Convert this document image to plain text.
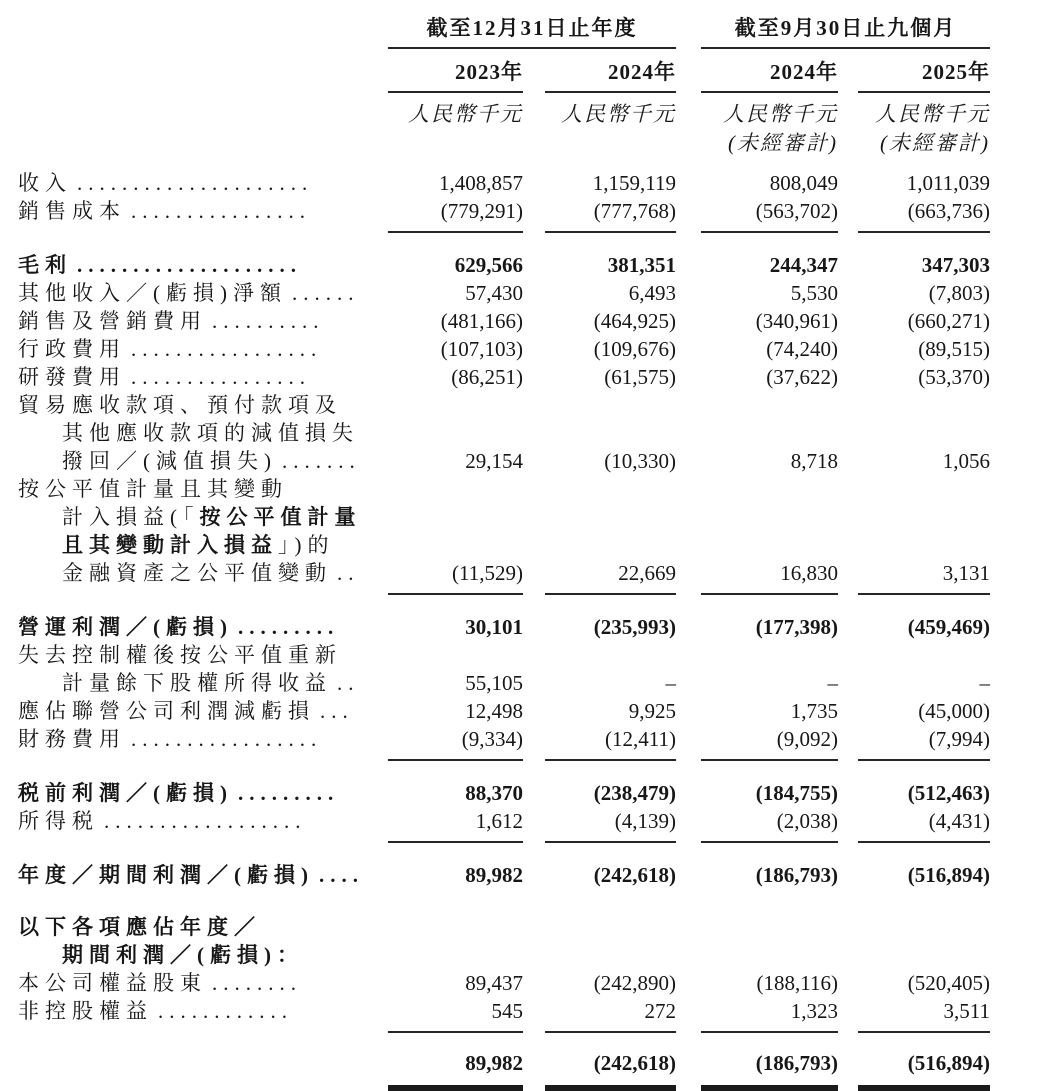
	截至12月31日止年度			截至9月30日止九個月	

	2023年	2024年		2024年	2025年
	人民幣千元	人民幣千元		人民幣千元	人民幣千元
				(未經審計)	(未經審計)

收入 .....................	1,408,857	1,159,119		808,049	1,011,039

銷售成本 ................	(779,291)	(777,768)		(563,702)	(663,736)

毛利 ....................	629,566	381,351		244,347	347,303

其他收入／(虧損)淨額 ......	57,430	6,493		5,530	(7,803)

銷售及營銷費用 ..........	(481,166)	(464,925)		(340,961)	(660,271)

行政費用 .................	(107,103)	(109,676)		(74,240)	(89,515)

研發費用 ................	(86,251)	(61,575)		(37,622)	(53,370)

貿易應收款項、預付款項及
其他應收款項的減值損失
撥回／(減值損失) .......	29,154	(10,330)		8,718	1,056

按公平值計量且其變動
計入損益(「按公平值計量
且其變動計入損益」)的
金融資產之公平值變動 ..	(11,529)	22,669		16,830	3,131

營運利潤／(虧損) .........	30,101	(235,993)		(177,398)	(459,469)

失去控制權後按公平值重新
計量餘下股權所得收益 ..	55,105	–		–	–

應佔聯營公司利潤減虧損 ...	12,498	9,925		1,735	(45,000)

財務費用 .................	(9,334)	(12,411)		(9,092)	(7,994)

税前利潤／(虧損) .........	88,370	(238,479)		(184,755)	(512,463)

所得税 ..................	1,612	(4,139)		(2,038)	(4,431)

年度／期間利潤／(虧損) ....	89,982	(242,618)		(186,793)	(516,894)

以下各項應佔年度／
期間利潤／(虧損)：					

本公司權益股東 ........	89,437	(242,890)		(188,116)	(520,405)

非控股權益 ............	545	272		1,323	3,511

	89,982	(242,618)		(186,793)	(516,894)
